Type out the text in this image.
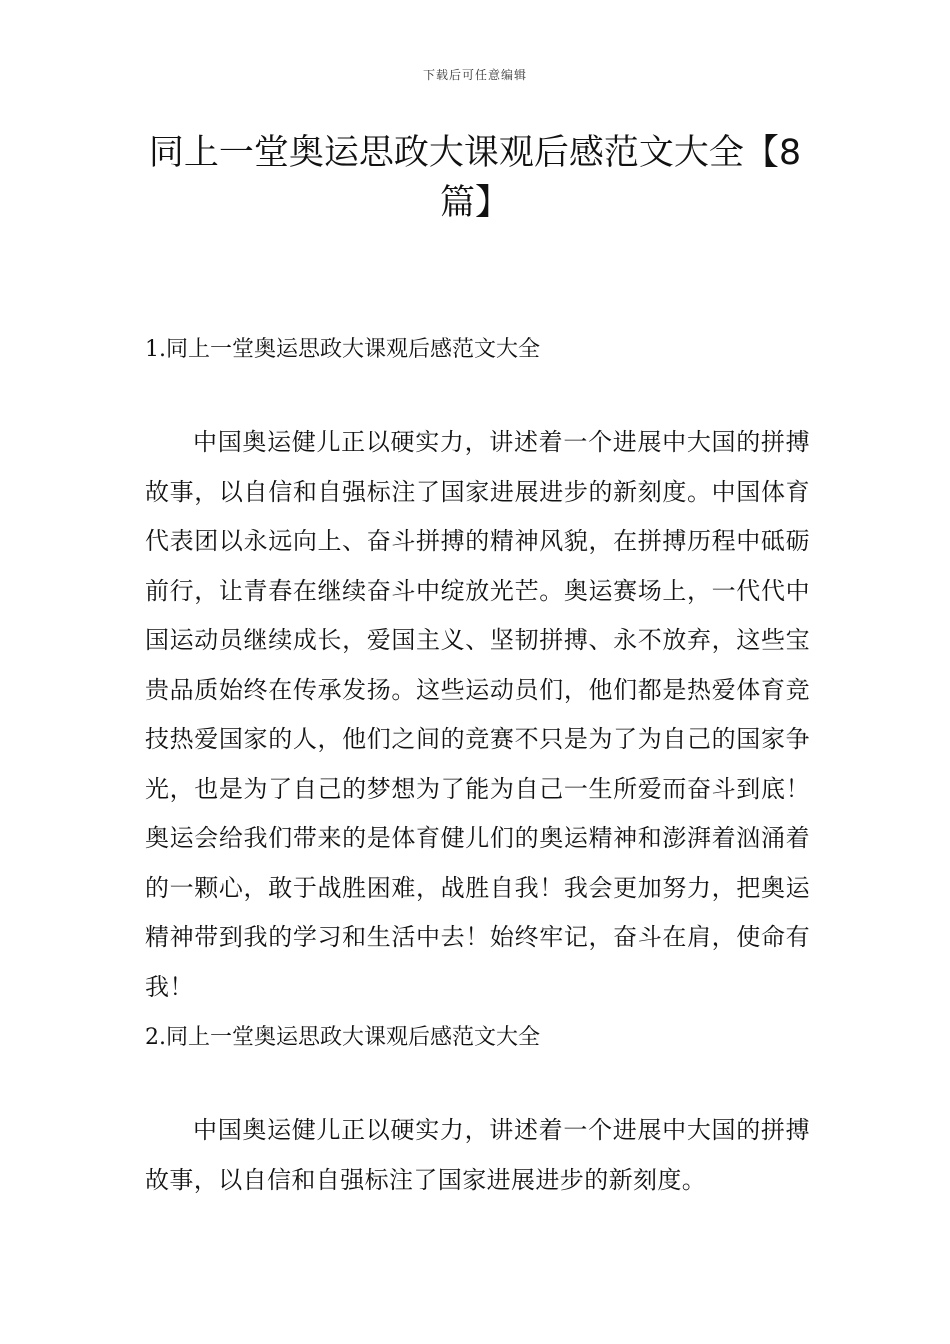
下载后可任意编辑
同上一堂奥运思政大课观后感范文大全【8篇】

1.同上一堂奥运思政大课观后感范文大全

中国奥运健儿正以硬实力，讲述着一个进展中大国的拼搏故事，以自信和自强标注了国家进展进步的新刻度。中国体育代表团以永远向上、奋斗拼搏的精神风貌，在拼搏历程中砥砺前行，让青春在继续奋斗中绽放光芒。奥运赛场上，一代代中国运动员继续成长，爱国主义、坚韧拼搏、永不放弃，这些宝贵品质始终在传承发扬。这些运动员们，他们都是热爱体育竞技热爱国家的人，他们之间的竞赛不只是为了为自己的国家争光，也是为了自己的梦想为了能为自己一生所爱而奋斗到底！奥运会给我们带来的是体育健儿们的奥运精神和澎湃着汹涌着的一颗心，敢于战胜困难，战胜自我！我会更加努力，把奥运精神带到我的学习和生活中去！始终牢记，奋斗在肩，使命有我！

2.同上一堂奥运思政大课观后感范文大全

中国奥运健儿正以硬实力，讲述着一个进展中大国的拼搏故事，以自信和自强标注了国家进展进步的新刻度。
